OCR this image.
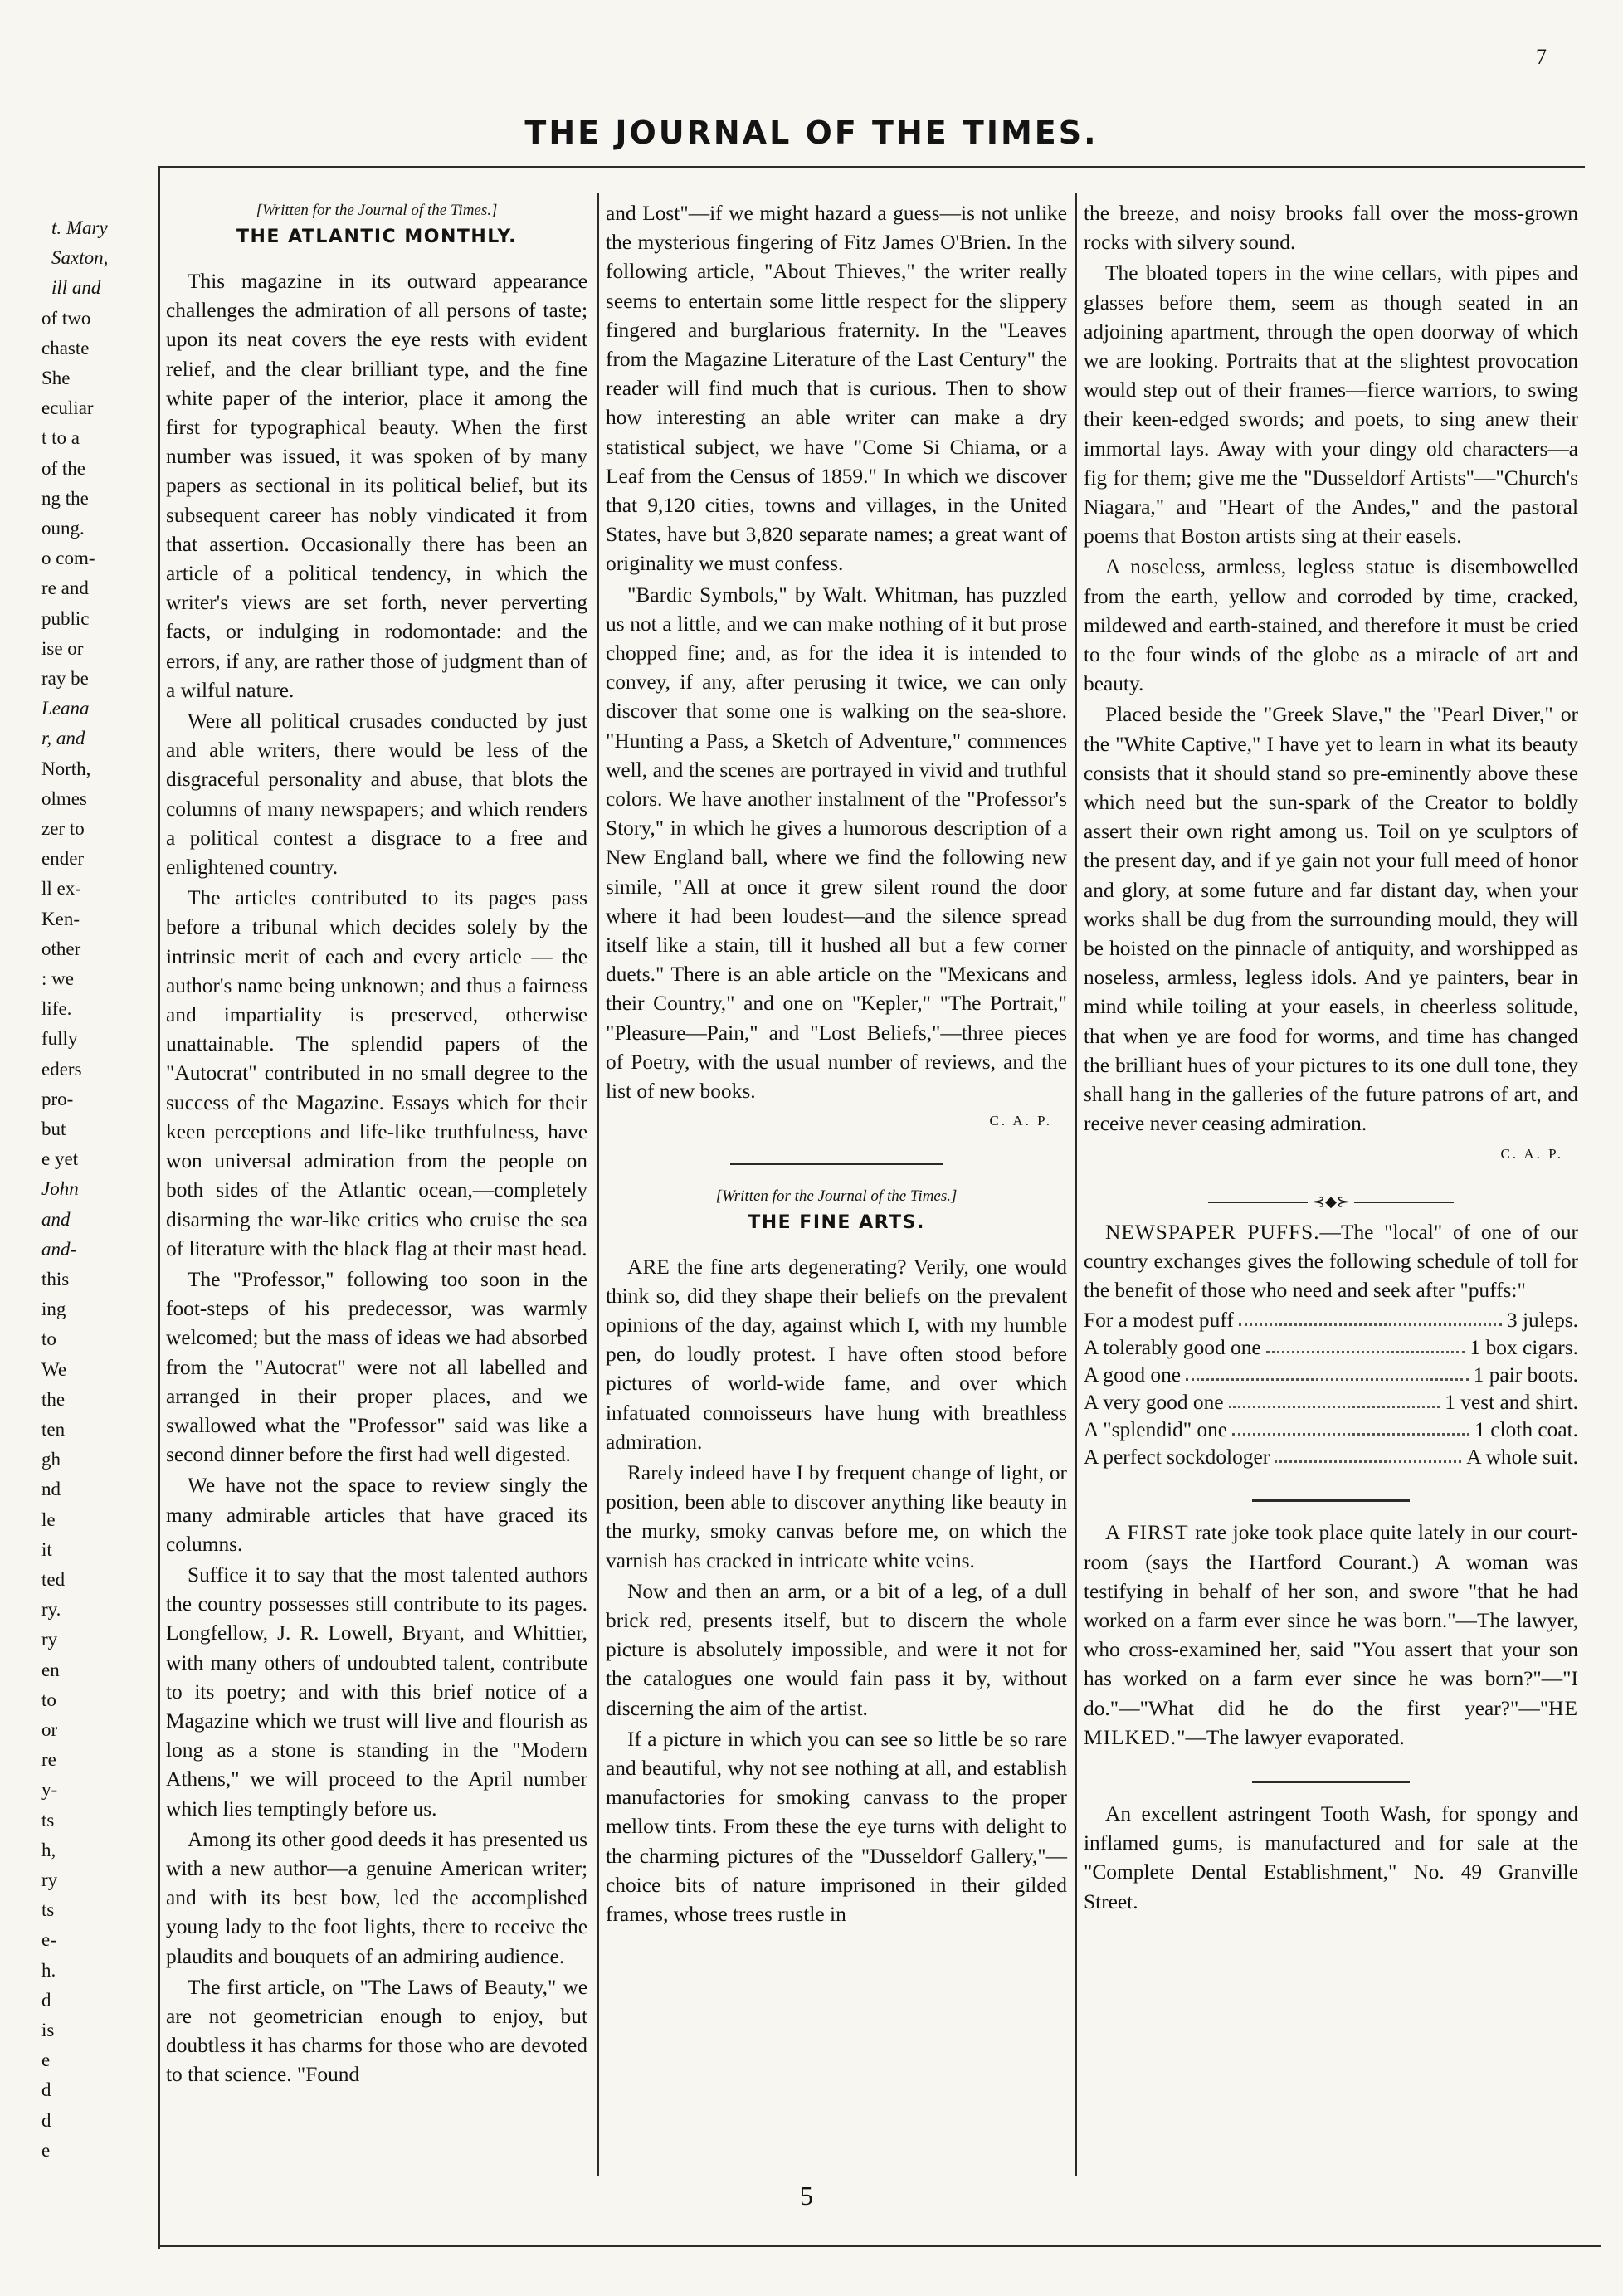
7
THE JOURNAL OF THE TIMES.
t. Mary
Saxton,
ill and
of two
chaste
She
eculiar
t to a
of the
ng the
oung.
o com-
re and
public
ise or
ray be
Leana
r, and
North,
olmes
zer to
ender
ll ex-
Ken-
other
: we
life.
fully
eders
pro-
but
e yet
John
and
and-
this
ing
to
We
the
ten
gh
nd
le
it
ted
ry.
ry
en
to
or
re
y-
ts
h,
ry
ts
e-
h.
d
is
e
d
d
e
[Written for the Journal of the Times.]
THE ATLANTIC MONTHLY.

This magazine in its outward appearance challenges the admiration of all persons of taste; upon its neat covers the eye rests with evident relief, and the clear brilliant type, and the fine white paper of the interior, place it among the first for typographical beauty. When the first number was issued, it was spoken of by many papers as sectional in its political belief, but its subsequent career has nobly vindicated it from that assertion. Occasionally there has been an article of a political tendency, in which the writer's views are set forth, never perverting facts, or indulging in rodomontade: and the errors, if any, are rather those of judgment than of a wilful nature.

Were all political crusades conducted by just and able writers, there would be less of the disgraceful personality and abuse, that blots the columns of many newspapers; and which renders a political contest a disgrace to a free and enlightened country.

The articles contributed to its pages pass before a tribunal which decides solely by the intrinsic merit of each and every article — the author's name being unknown; and thus a fairness and impartiality is preserved, otherwise unattainable. The splendid papers of the "Autocrat" contributed in no small degree to the success of the Magazine. Essays which for their keen perceptions and life-like truthfulness, have won universal admiration from the people on both sides of the Atlantic ocean,—completely disarming the war-like critics who cruise the sea of literature with the black flag at their mast head.

The "Professor," following too soon in the foot-steps of his predecessor, was warmly welcomed; but the mass of ideas we had absorbed from the "Autocrat" were not all labelled and arranged in their proper places, and we swallowed what the "Professor" said was like a second dinner before the first had well digested.

We have not the space to review singly the many admirable articles that have graced its columns.

Suffice it to say that the most talented authors the country possesses still contribute to its pages. Longfellow, J. R. Lowell, Bryant, and Whittier, with many others of undoubted talent, contribute to its poetry; and with this brief notice of a Magazine which we trust will live and flourish as long as a stone is standing in the "Modern Athens," we will proceed to the April number which lies temptingly before us.

Among its other good deeds it has presented us with a new author—a genuine American writer; and with its best bow, led the accomplished young lady to the foot lights, there to receive the plaudits and bouquets of an admiring audience.

The first article, on "The Laws of Beauty," we are not geometrician enough to enjoy, but doubtless it has charms for those who are devoted to that science. "Found

and Lost"—if we might hazard a guess—is not unlike the mysterious fingering of Fitz James O'Brien. In the following article, "About Thieves," the writer really seems to entertain some little respect for the slippery fingered and burglarious fraternity. In the "Leaves from the Magazine Literature of the Last Century" the reader will find much that is curious. Then to show how interesting an able writer can make a dry statistical subject, we have "Come Si Chiama, or a Leaf from the Census of 1859." In which we discover that 9,120 cities, towns and villages, in the United States, have but 3,820 separate names; a great want of originality we must confess.

"Bardic Symbols," by Walt. Whitman, has puzzled us not a little, and we can make nothing of it but prose chopped fine; and, as for the idea it is intended to convey, if any, after perusing it twice, we can only discover that some one is walking on the sea-shore. "Hunting a Pass, a Sketch of Adventure," commences well, and the scenes are portrayed in vivid and truthful colors. We have another instalment of the "Professor's Story," in which he gives a humorous description of a New England ball, where we find the following new simile, "All at once it grew silent round the door where it had been loudest—and the silence spread itself like a stain, till it hushed all but a few corner duets." There is an able article on the "Mexicans and their Country," and one on "Kepler," "The Portrait," "Pleasure—Pain," and "Lost Beliefs,"—three pieces of Poetry, with the usual number of reviews, and the list of new books.

C. A. P.
[Written for the Journal of the Times.]
THE FINE ARTS.

ARE the fine arts degenerating? Verily, one would think so, did they shape their beliefs on the prevalent opinions of the day, against which I, with my humble pen, do loudly protest. I have often stood before pictures of world-wide fame, and over which infatuated connoisseurs have hung with breathless admiration.

Rarely indeed have I by frequent change of light, or position, been able to discover anything like beauty in the murky, smoky canvas before me, on which the varnish has cracked in intricate white veins.

Now and then an arm, or a bit of a leg, of a dull brick red, presents itself, but to discern the whole picture is absolutely impossible, and were it not for the catalogues one would fain pass it by, without discerning the aim of the artist.

If a picture in which you can see so little be so rare and beautiful, why not see nothing at all, and establish manufactories for smoking canvass to the proper mellow tints. From these the eye turns with delight to the charming pictures of the "Dusseldorf Gallery,"—choice bits of nature imprisoned in their gilded frames, whose trees rustle in

the breeze, and noisy brooks fall over the moss-grown rocks with silvery sound.

The bloated topers in the wine cellars, with pipes and glasses before them, seem as though seated in an adjoining apartment, through the open doorway of which we are looking. Portraits that at the slightest provocation would step out of their frames—fierce warriors, to swing their keen-edged swords; and poets, to sing anew their immortal lays. Away with your dingy old characters—a fig for them; give me the "Dusseldorf Artists"—"Church's Niagara," and "Heart of the Andes," and the pastoral poems that Boston artists sing at their easels.

A noseless, armless, legless statue is disembowelled from the earth, yellow and corroded by time, cracked, mildewed and earth-stained, and therefore it must be cried to the four winds of the globe as a miracle of art and beauty.

Placed beside the "Greek Slave," the "Pearl Diver," or the "White Captive," I have yet to learn in what its beauty consists that it should stand so pre-eminently above these which need but the sun-spark of the Creator to boldly assert their own right among us. Toil on ye sculptors of the present day, and if ye gain not your full meed of honor and glory, at some future and far distant day, when your works shall be dug from the surrounding mould, they will be hoisted on the pinnacle of antiquity, and worshipped as noseless, armless, legless idols. And ye painters, bear in mind while toiling at your easels, in cheerless solitude, that when ye are food for worms, and time has changed the brilliant hues of your pictures to its one dull tone, they shall hang in the galleries of the future patrons of art, and receive never ceasing admiration.

C. A. P.
⊰◆⊱

NEWSPAPER PUFFS.—The "local" of one of our country exchanges gives the following schedule of toll for the benefit of those who need and seek after "puffs:"

For a modest puff	3 juleps.
A tolerably good one	1 box cigars.
A good one	1 pair boots.
A very good one	1 vest and shirt.
A "splendid" one	1 cloth coat.
A perfect sockdologer	A whole suit.

A FIRST rate joke took place quite lately in our court-room (says the Hartford Courant.) A woman was testifying in behalf of her son, and swore "that he had worked on a farm ever since he was born."—The lawyer, who cross-examined her, said "You assert that your son has worked on a farm ever since he was born?"—"I do."—"What did he do the first year?"—"HE MILKED."—The lawyer evaporated.

An excellent astringent Tooth Wash, for spongy and inflamed gums, is manufactured and for sale at the "Complete Dental Establishment," No. 49 Granville Street.

5
